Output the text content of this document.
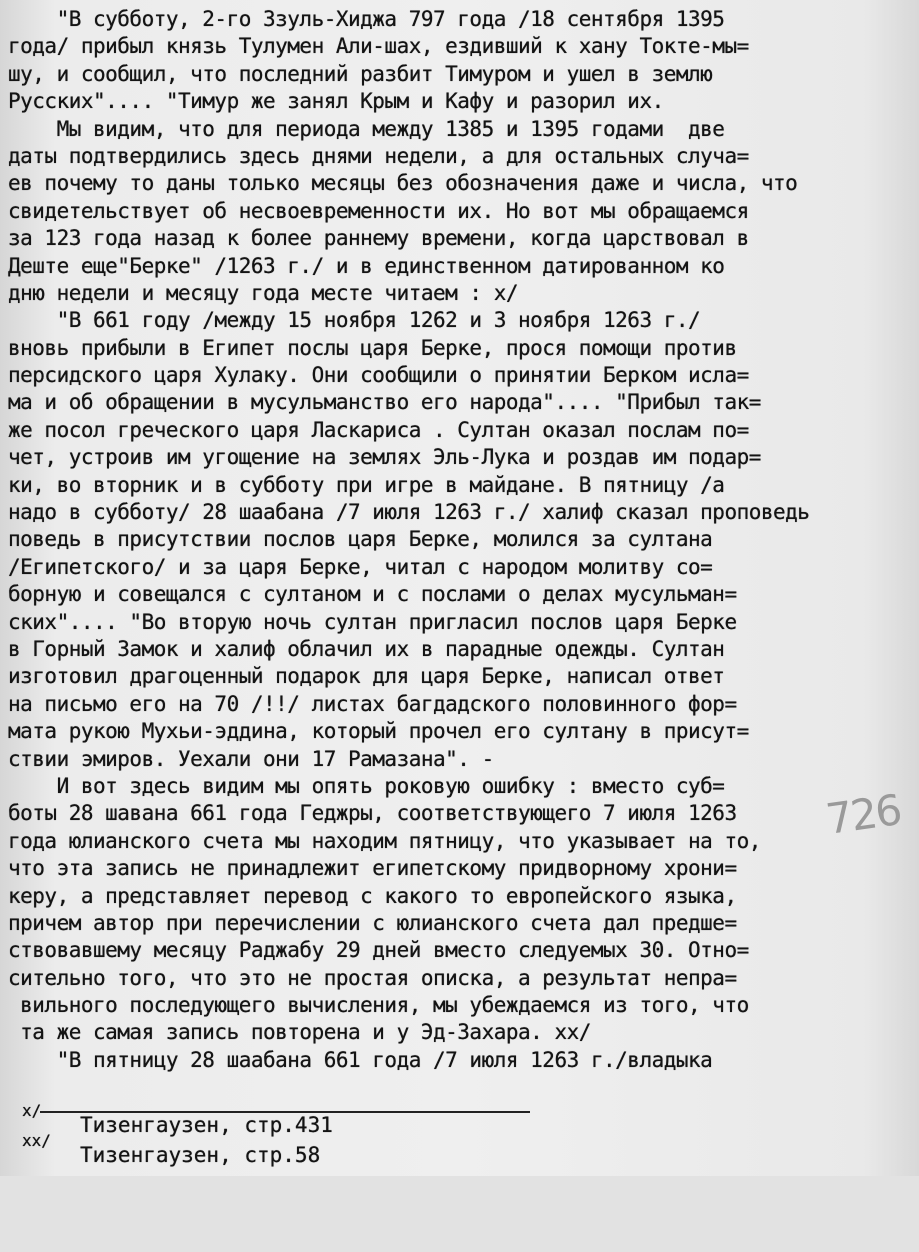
"В субботу, 2-го Ззуль-Хиджа 797 года /18 сентября 1395
года/ прибыл князь Тулумен Али-шах, ездивший к хану Токте-мы=
шу, и сообщил, что последний разбит Тимуром и ушел в землю
Русских".... "Тимур же занял Крым и Кафу и разорил их.
Мы видим, что для периода между 1385 и 1395 годами  две
даты подтвердились здесь днями недели, а для остальных случа=
ев почему то даны только месяцы без обозначения даже и числа, что
свидетельствует об несвоевременности их. Но вот мы обращаемся
за 123 года назад к более раннему времени, когда царствовал в
Деште еще"Берке" /1263 г./ и в единственном датированном ко
дню недели и месяцу года месте читаем : x/
"В 661 году /между 15 ноября 1262 и 3 ноября 1263 г./
вновь прибыли в Египет послы царя Берке, прося помощи против
персидского царя Хулаку. Они сообщили о принятии Берком исла=
ма и об обращении в мусульманство его народа".... "Прибыл так=
же посол греческого царя Ласкариса . Султан оказал послам по=
чет, устроив им угощение на землях Эль-Лука и роздав им подар=
ки, во вторник и в субботу при игре в майдане. В пятницу /а
надо в субботу/ 28 шаабана /7 июля 1263 г./ халиф сказал проповедь
поведь в присутствии послов царя Берке, молился за султана
/Египетского/ и за царя Берке, читал с народом молитву со=
борную и совещался с султаном и с послами о делах мусульман=
ских".... "Во вторую ночь султан пригласил послов царя Берке
в Горный Замок и халиф облачил их в парадные одежды. Султан
изготовил драгоценный подарок для царя Берке, написал ответ
на письмо его на 70 /!!/ листах багдадского половинного фор=
мата рукою Мухьи-эддина, который прочел его султану в присут=
ствии эмиров. Уехали они 17 Рамазана". -
И вот здесь видим мы опять роковую ошибку : вместо суб=
боты 28 шавана 661 года Геджры, соответствующего 7 июля 1263
года юлианского счета мы находим пятницу, что указывает на то,
что эта запись не принадлежит египетскому придворному хрони=
керу, а представляет перевод с какого то европейского языка,
причем автор при перечислении с юлианского счета дал предше=
ствовавшему месяцу Раджабу 29 дней вместо следуемых 30. Отно=
сительно того, что это не простая описка, а результат непра=
вильного последующего вычисления, мы убеждаемся из того, что
та же самая запись повторена и у Эд-Захара. xx/
"В пятницу 28 шаабана 661 года /7 июля 1263 г./владыка
726

x/

Тизенгаузен, стр.431

xx/

Тизенгаузен, стр.58
